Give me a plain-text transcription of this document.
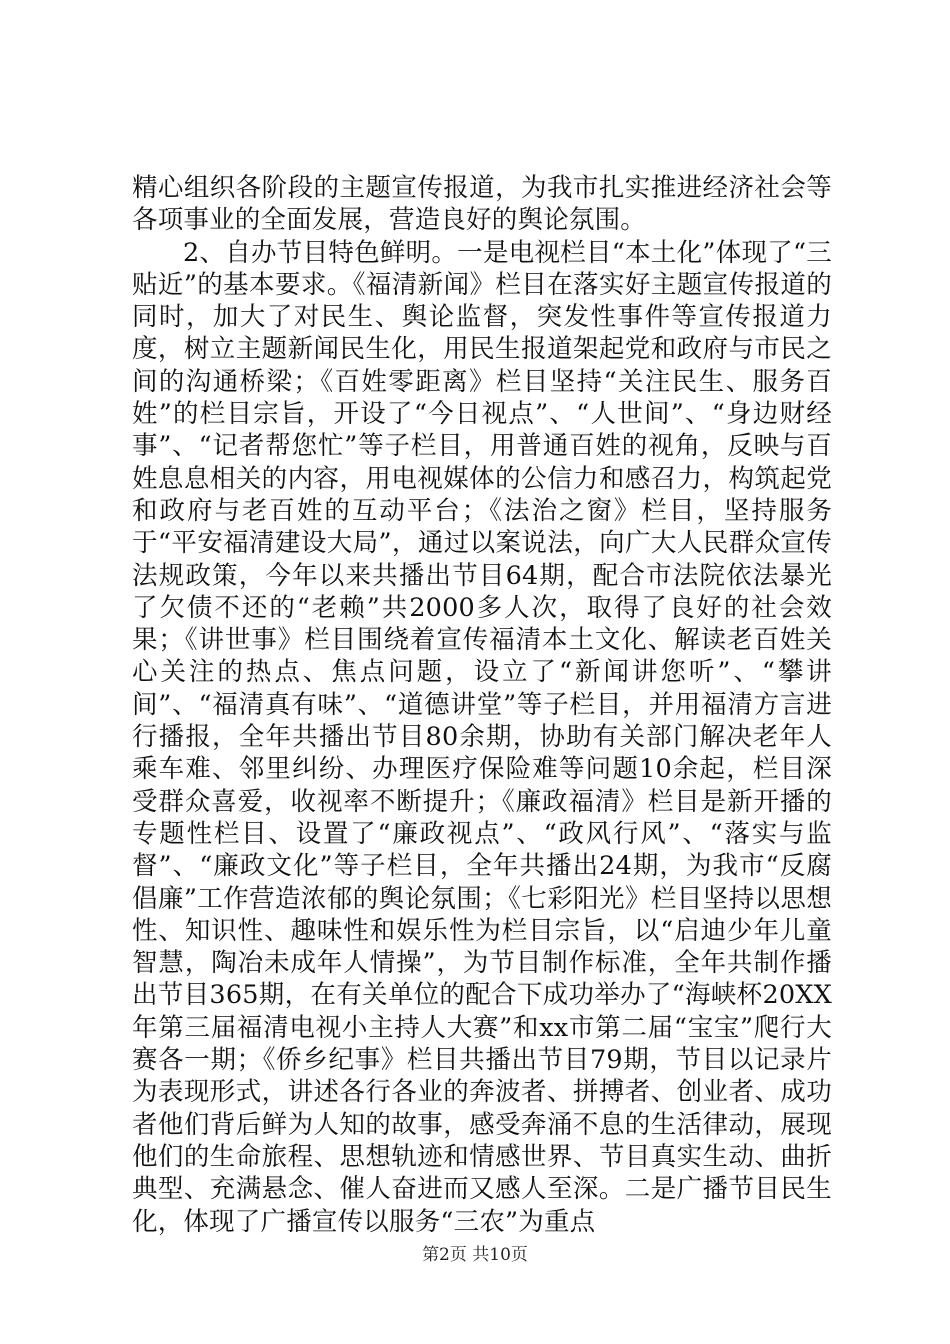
精心组织各阶段的主题宣传报道，为我市扎实推进经济社会等各项事业的全面发展，营造良好的舆论氛围。

2、自办节目特色鲜明。一是电视栏目“本土化”体现了“三贴近”的基本要求。《福清新闻》栏目在落实好主题宣传报道的同时，加大了对民生、舆论监督，突发性事件等宣传报道力度，树立主题新闻民生化，用民生报道架起党和政府与市民之间的沟通桥梁；《百姓零距离》栏目坚持“关注民生、服务百姓”的栏目宗旨，开设了“今日视点”、“人世间”、“身边财经事”、“记者帮您忙”等子栏目，用普通百姓的视角，反映与百姓息息相关的内容，用电视媒体的公信力和感召力，构筑起党和政府与老百姓的互动平台；《法治之窗》栏目，坚持服务于“平安福清建设大局”，通过以案说法，向广大人民群众宣传法规政策，今年以来共播出节目64期，配合市法院依法暴光了欠债不还的“老赖”共2000多人次，取得了良好的社会效果；《讲世事》栏目围绕着宣传福清本土文化、解读老百姓关心关注的热点、焦点问题，设立了“新闻讲您听”、“攀讲间”、“福清真有味”、“道德讲堂”等子栏目，并用福清方言进行播报，全年共播出节目80余期，协助有关部门解决老年人乘车难、邻里纠纷、办理医疗保险难等问题10余起，栏目深受群众喜爱，收视率不断提升；《廉政福清》栏目是新开播的专题性栏目、设置了“廉政视点”、“政风行风”、“落实与监督”、“廉政文化”等子栏目，全年共播出24期，为我市“反腐倡廉”工作营造浓郁的舆论氛围；《七彩阳光》栏目坚持以思想性、知识性、趣味性和娱乐性为栏目宗旨，以“启迪少年儿童智慧，陶冶未成年人情操”，为节目制作标准，全年共制作播出节目365期，在有关单位的配合下成功举办了“海峡杯20XX年第三届福清电视小主持人大赛”和xx市第二届“宝宝”爬行大赛各一期；《侨乡纪事》栏目共播出节目79期，节目以记录片为表现形式，讲述各行各业的奔波者、拼搏者、创业者、成功者他们背后鲜为人知的故事，感受奔涌不息的生活律动，展现他们的生命旅程、思想轨迹和情感世界、节目真实生动、曲折典型、充满悬念、催人奋进而又感人至深。二是广播节目民生化，体现了广播宣传以服务“三农”为重点

第2页 共10页
